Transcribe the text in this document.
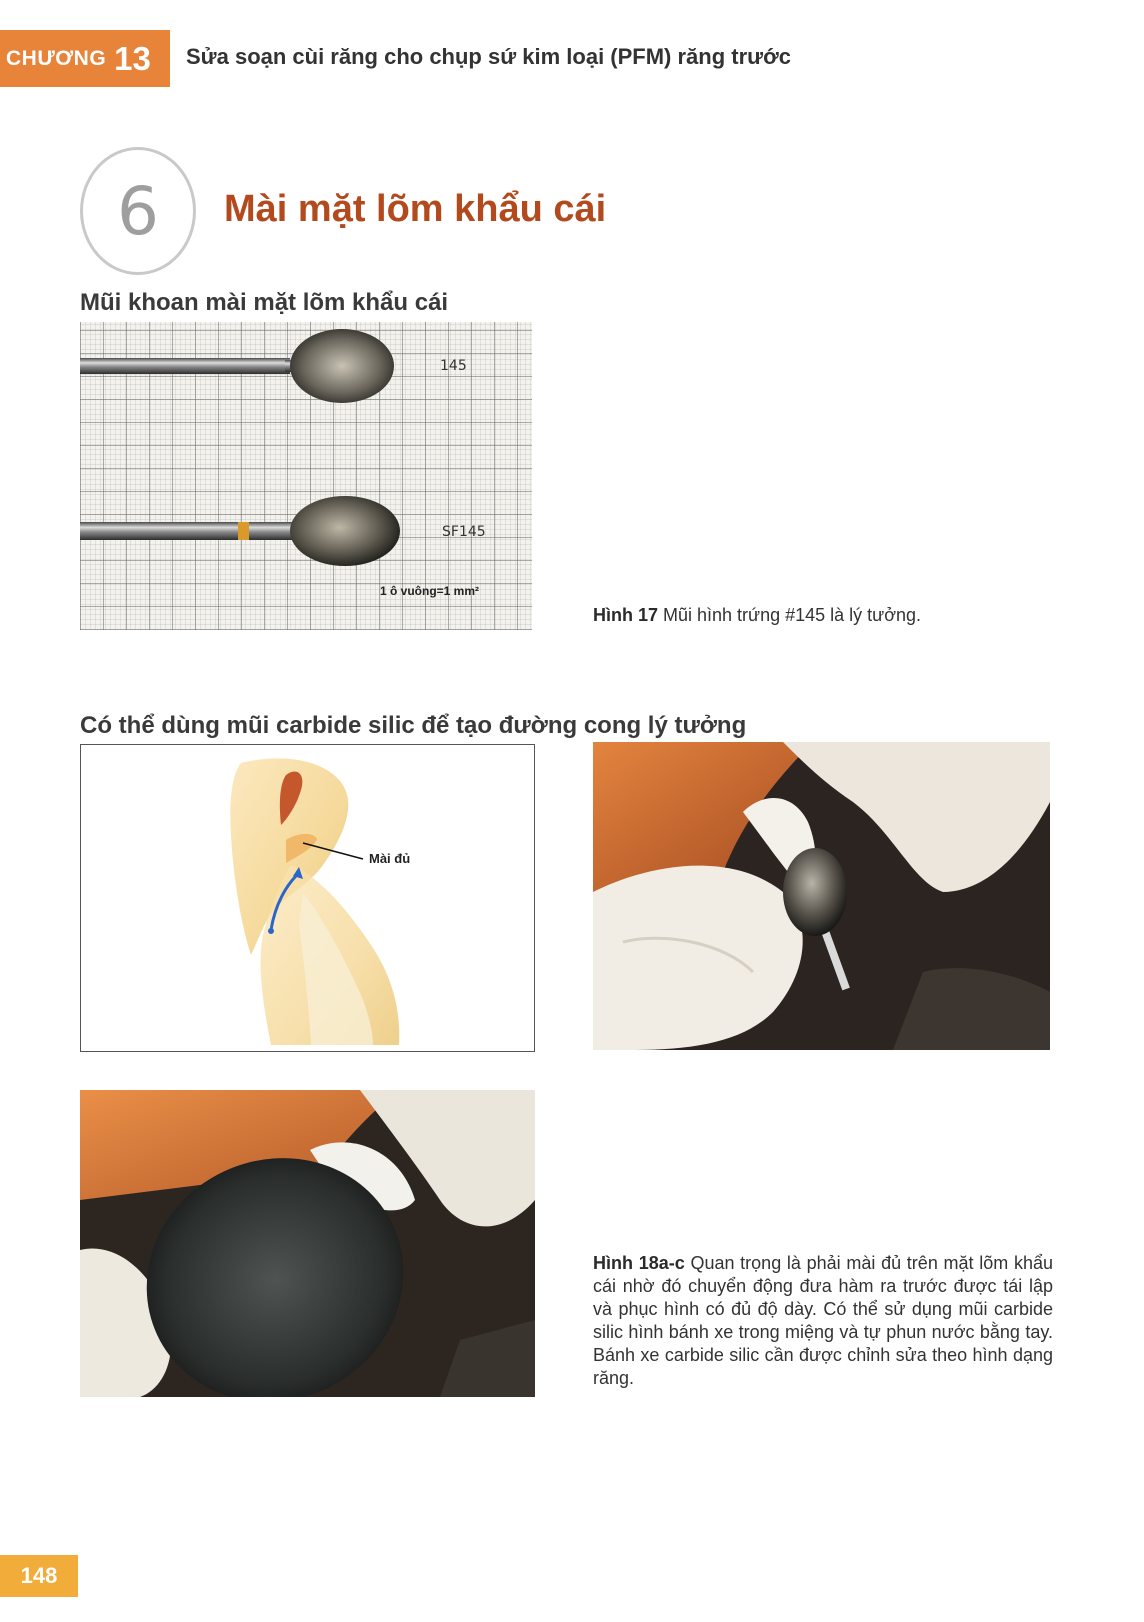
CHƯƠNG 13 Sửa soạn cùi răng cho chụp sứ kim loại (PFM) răng trước
6 Mài mặt lõm khẩu cái
Mũi khoan mài mặt lõm khẩu cái
145
SF145
1 ô vuông=1 mm²
Hình 17 Mũi hình trứng #145 là lý tưởng.
Có thể dùng mũi carbide silic để tạo đường cong lý tưởng
Mài đủ
Hình 18a-c Quan trọng là phải mài đủ trên mặt lõm khẩu cái nhờ đó chuyển động đưa hàm ra trước được tái lập và phục hình có đủ độ dày. Có thể sử dụng mũi carbide silic hình bánh xe trong miệng và tự phun nước bằng tay. Bánh xe carbide silic cần được chỉnh sửa theo hình dạng răng.
148
